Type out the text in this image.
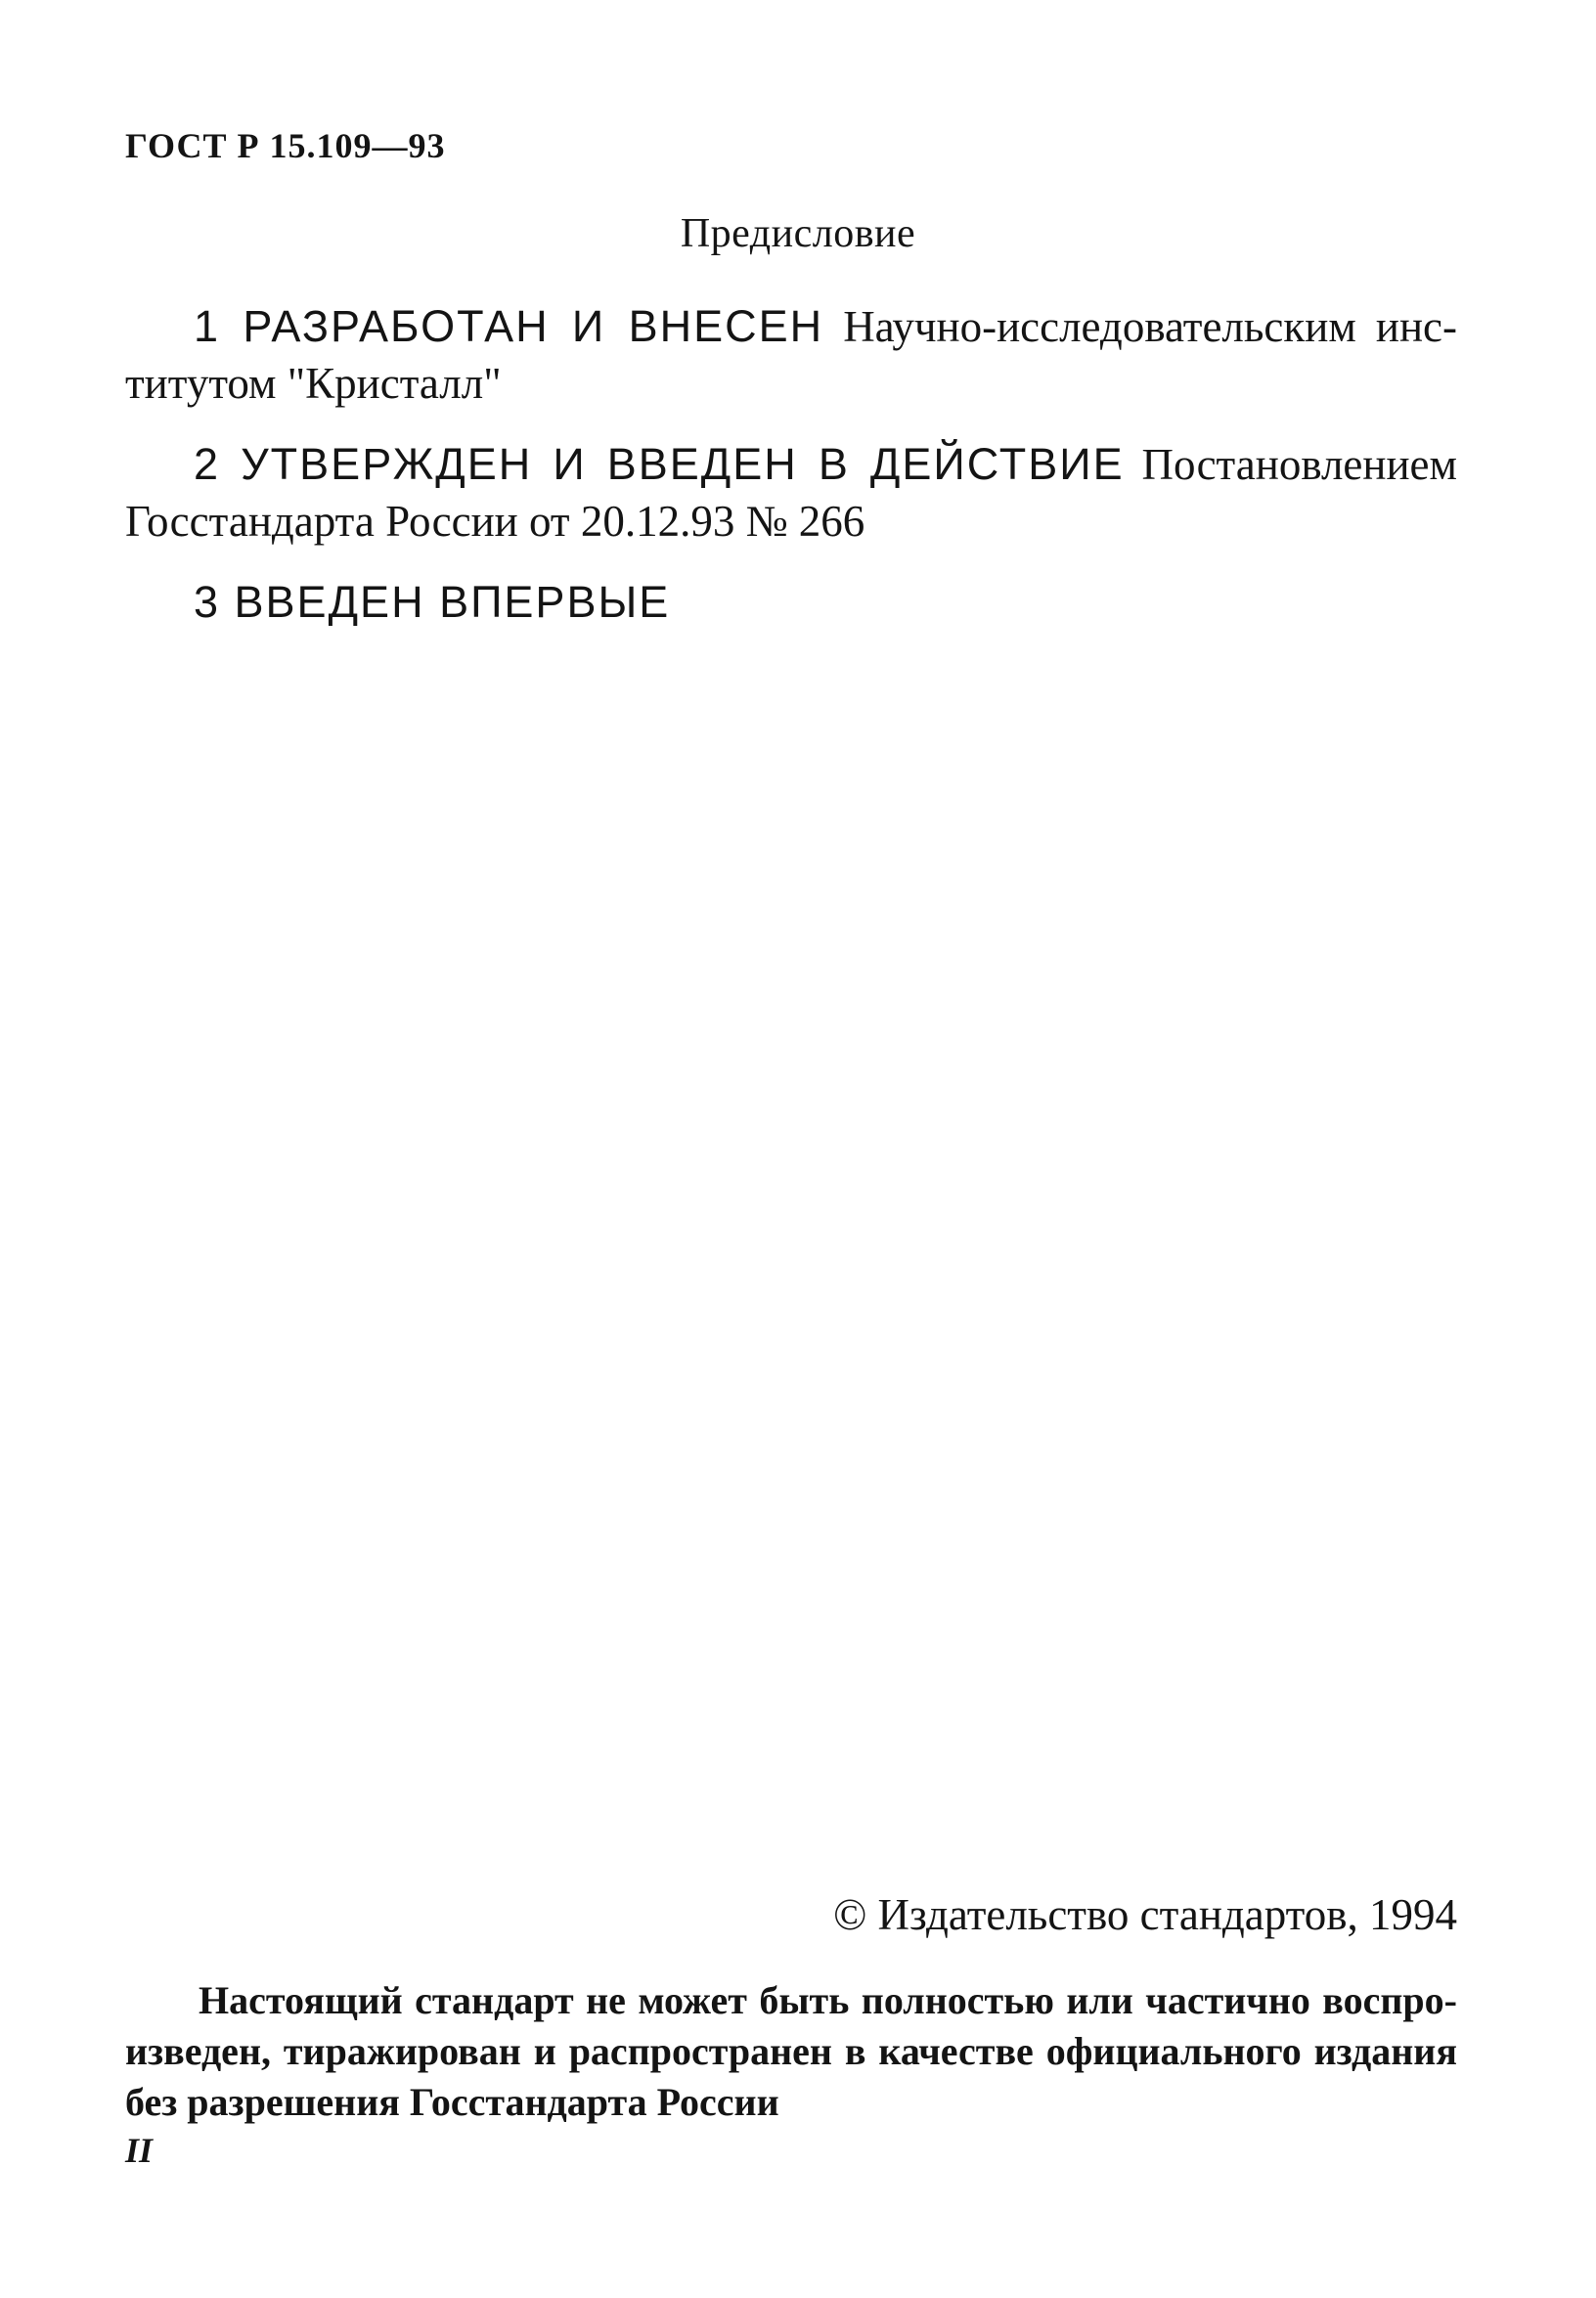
ГОСТ Р 15.109—93
Предисловие
1 РАЗРАБОТАН И ВНЕСЕН Научно-исследовательским инс-
титутом "Кристалл"
2 УТВЕРЖДЕН И ВВЕДЕН В ДЕЙСТВИЕ Постановлением
Госстандарта России от 20.12.93 № 266
3 ВВЕДЕН ВПЕРВЫЕ
© Издательство стандартов, 1994
Настоящий стандарт не может быть полностью или частично воспро-
изведен, тиражирован и распространен в качестве официального издания
без разрешения Госстандарта России
II
